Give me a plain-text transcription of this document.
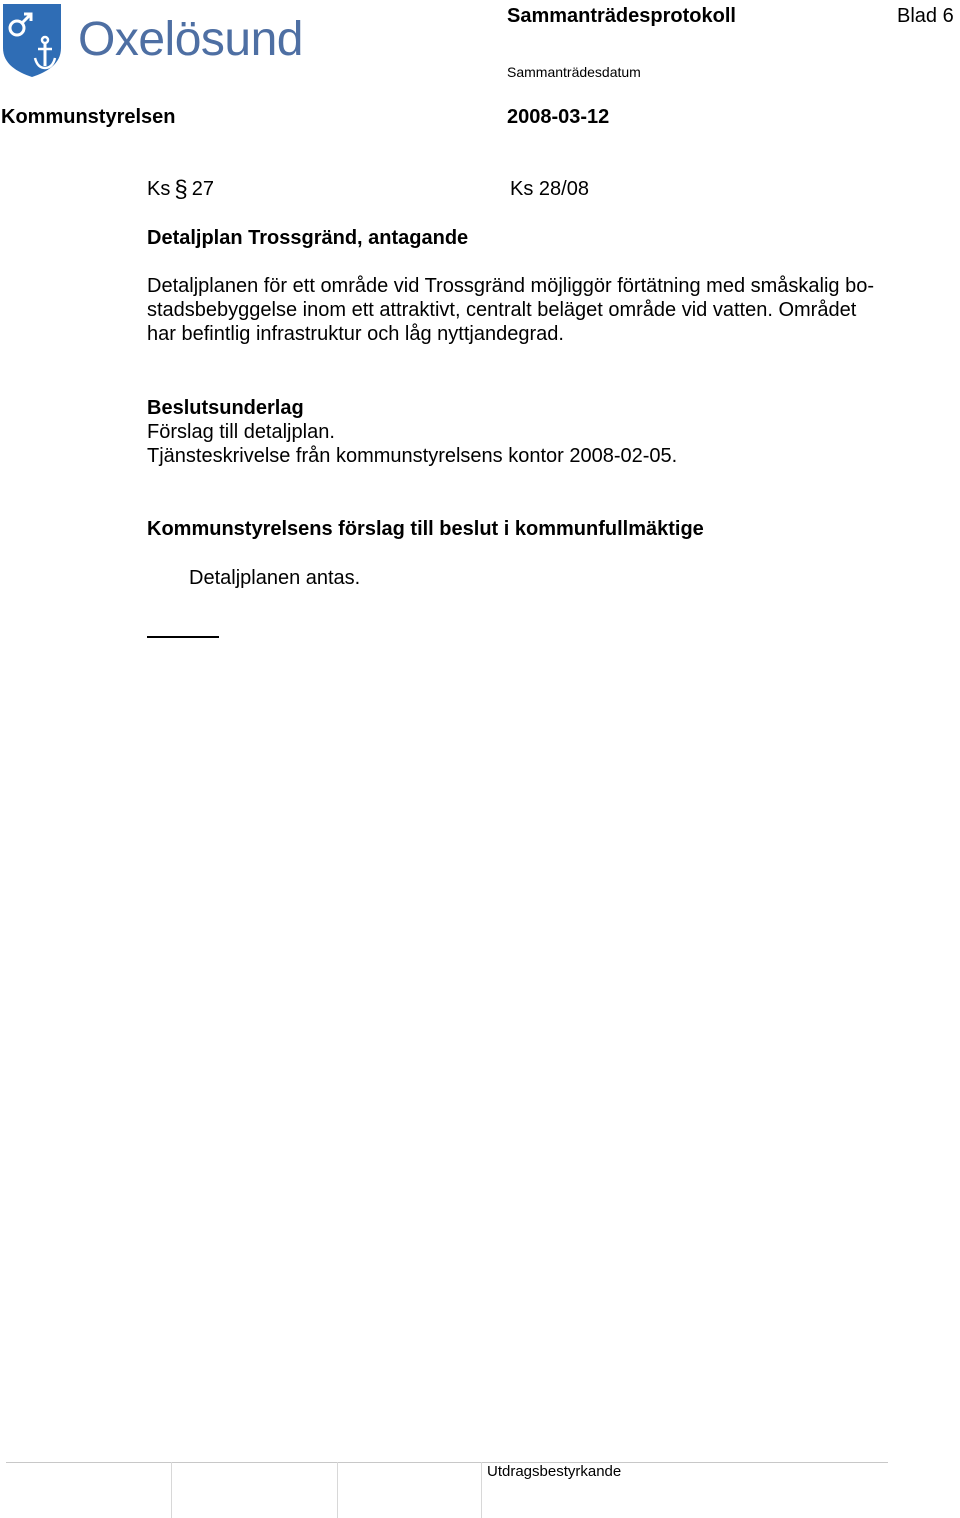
Oxelösund	Sammanträdesprotokoll	Blad 6
Sammanträdesdatum
Kommunstyrelsen	2008-03-12
Ks § 27	Ks 28/08
Detaljplan Trossgränd, antagande
Detaljplanen för ett område vid Trossgränd möjliggör förtätning med småskalig bo-
stadsbebyggelse inom ett attraktivt, centralt beläget område vid vatten. Området
har befintlig infrastruktur och låg nyttjandegrad.
Beslutsunderlag
Förslag till detaljplan.
Tjänsteskrivelse från kommunstyrelsens kontor 2008-02-05.
Kommunstyrelsens förslag till beslut i kommunfullmäktige
Detaljplanen antas.
Utdragsbestyrkande
